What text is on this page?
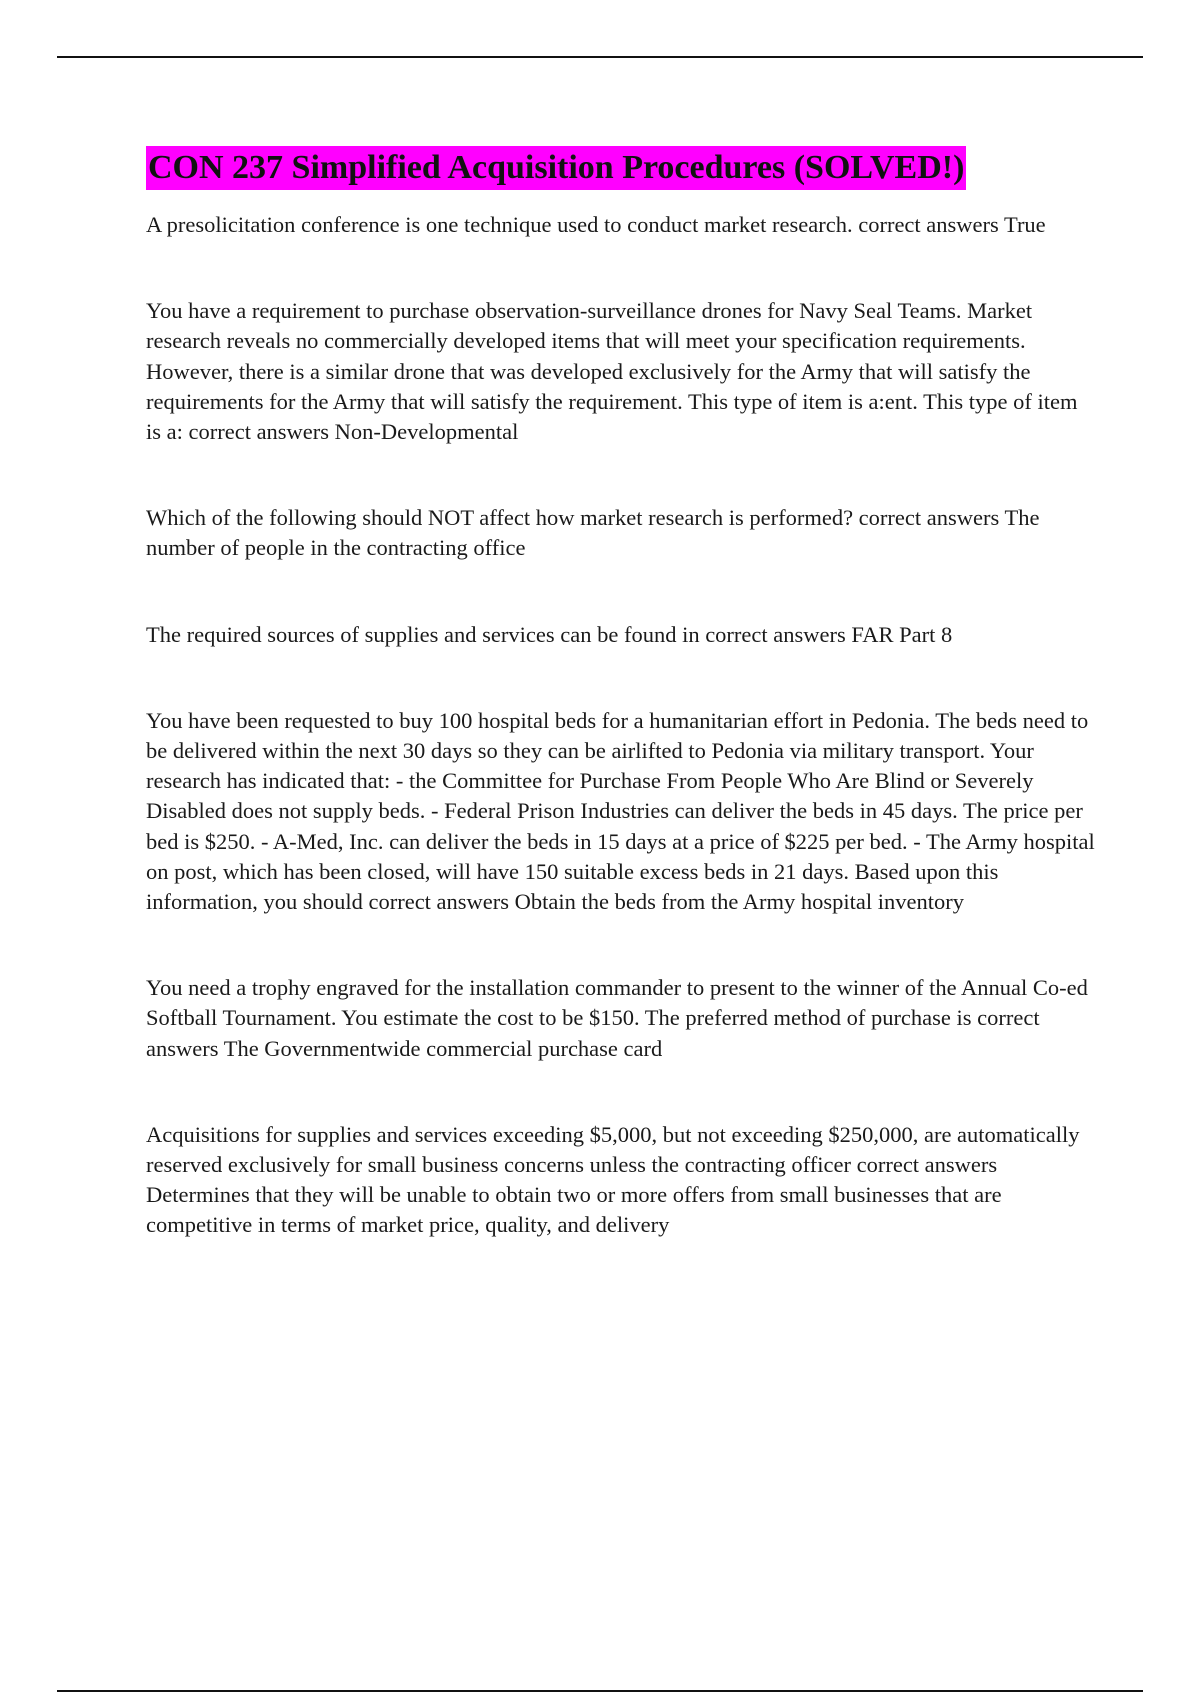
CON 237 Simplified Acquisition Procedures (SOLVED!)

A presolicitation conference is one technique used to conduct market research. correct answers True

You have a requirement to purchase observation-surveillance drones for Navy Seal Teams. Market research reveals no commercially developed items that will meet your specification requirements. However, there is a similar drone that was developed exclusively for the Army that will satisfy the requirements for the Army that will satisfy the requirement. This type of item is a:ent. This type of item is a: correct answers Non-Developmental

Which of the following should NOT affect how market research is performed? correct answers The number of people in the contracting office

The required sources of supplies and services can be found in correct answers FAR Part 8

You have been requested to buy 100 hospital beds for a humanitarian effort in Pedonia. The beds need to be delivered within the next 30 days so they can be airlifted to Pedonia via military transport. Your research has indicated that: - the Committee for Purchase From People Who Are Blind or Severely Disabled does not supply beds. - Federal Prison Industries can deliver the beds in 45 days. The price per bed is $250. - A-Med, Inc. can deliver the beds in 15 days at a price of $225 per bed. - The Army hospital on post, which has been closed, will have 150 suitable excess beds in 21 days. Based upon this information, you should correct answers Obtain the beds from the Army hospital inventory

You need a trophy engraved for the installation commander to present to the winner of the Annual Co-ed Softball Tournament. You estimate the cost to be $150. The preferred method of purchase is correct answers The Governmentwide commercial purchase card

Acquisitions for supplies and services exceeding $5,000, but not exceeding $250,000, are automatically reserved exclusively for small business concerns unless the contracting officer correct answers Determines that they will be unable to obtain two or more offers from small businesses that are competitive in terms of market price, quality, and delivery
